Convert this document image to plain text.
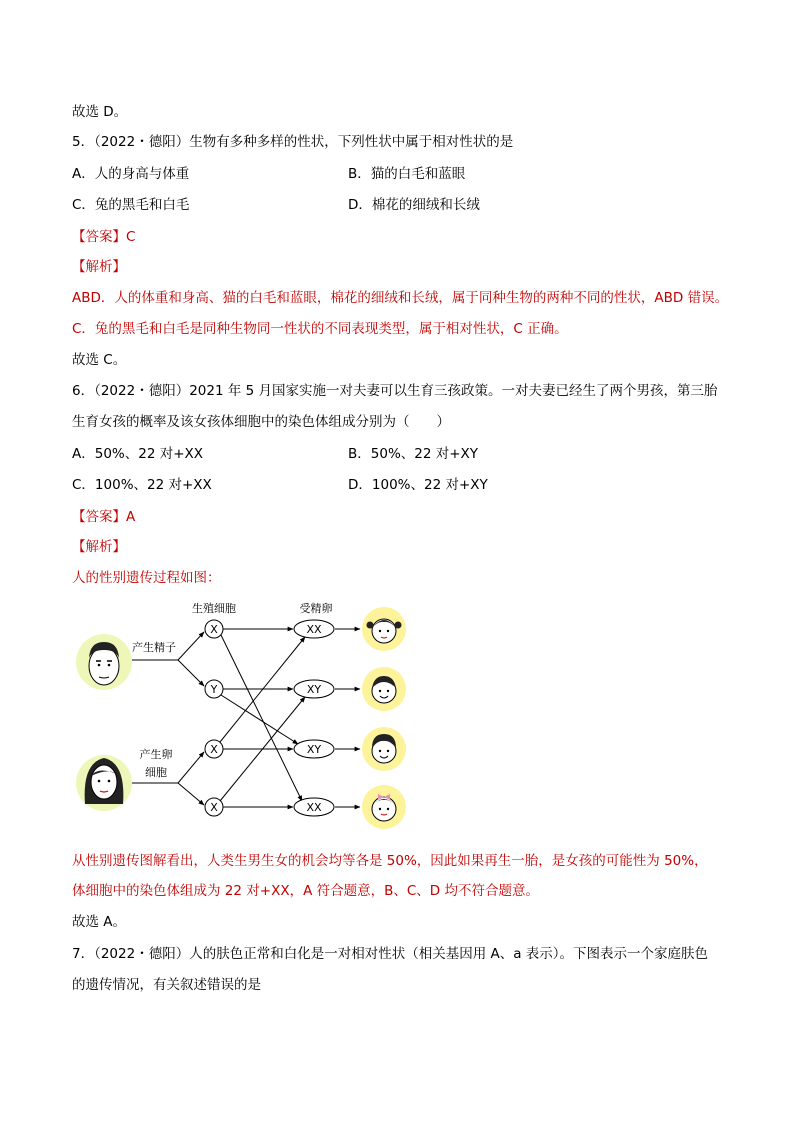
故选 D。
5．（2022・德阳）生物有多种多样的性状，下列性状中属于相对性状的是
A．人的身高与体重	B．猫的白毛和蓝眼
C．兔的黑毛和白毛	D．棉花的细绒和长绒
【答案】C
【解析】
ABD．人的体重和身高、猫的白毛和蓝眼，棉花的细绒和长绒，属于同种生物的两种不同的性状，ABD 错误。
C．兔的黑毛和白毛是同种生物同一性状的不同表现类型，属于相对性状，C 正确。
故选 C。
6．（2022・德阳）2021 年 5 月国家实施一对夫妻可以生育三孩政策。一对夫妻已经生了两个男孩，第三胎
生育女孩的概率及该女孩体细胞中的染色体组成分别为（　　）
A．50%、22 对+XX	B．50%、22 对+XY
C．100%、22 对+XX	D．100%、22 对+XY
【答案】A
【解析】
人的性别遗传过程如图：
生殖细胞	受精卵
产生精子
产生卵
细胞
X
Y
X
X
XX
XY
XY
XX
从性别遗传图解看出，人类生男生女的机会均等各是 50%，因此如果再生一胎，是女孩的可能性为 50%，
体细胞中的染色体组成为 22 对+XX，A 符合题意，B、C、D 均不符合题意。
故选 A。
7．（2022・德阳）人的肤色正常和白化是一对相对性状（相关基因用 A、a 表示）。下图表示一个家庭肤色
的遗传情况，有关叙述错误的是
